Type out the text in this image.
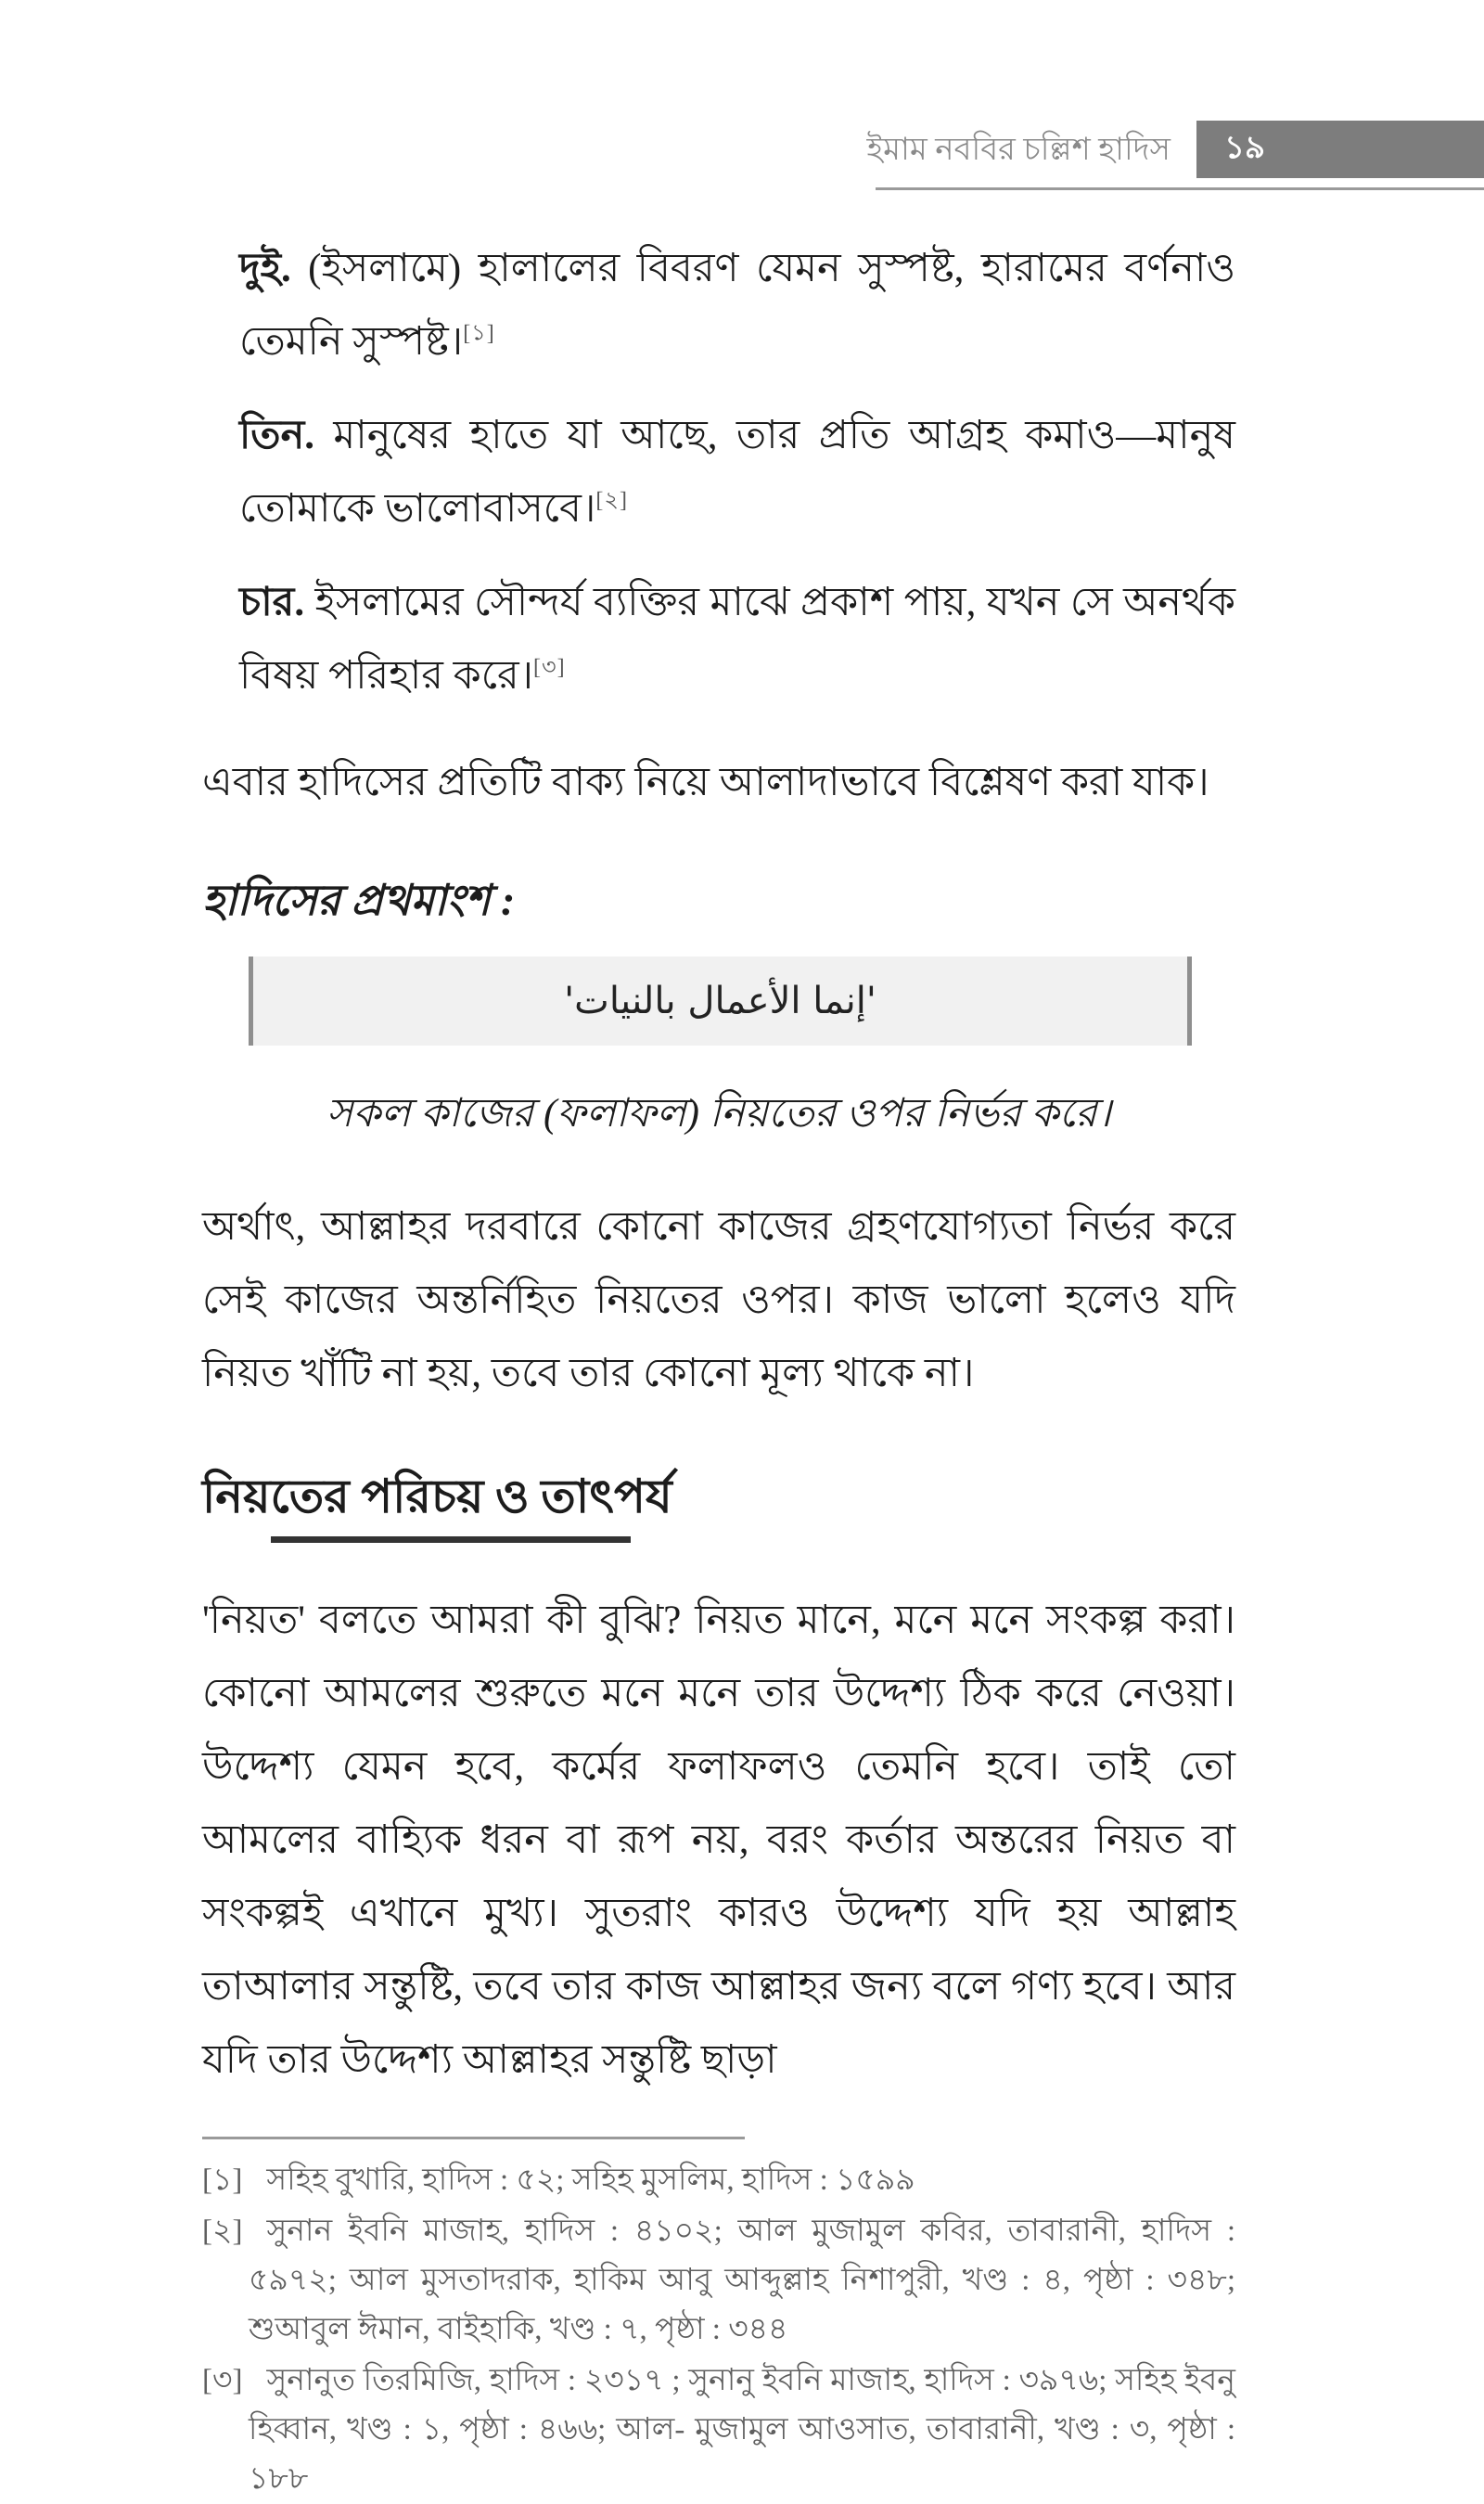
ইমাম নববির চল্লিশ হাদিস ১৯

দুই. (ইসলামে) হালালের বিবরণ যেমন সুস্পষ্ট, হারামের বর্ণনাও তেমনি সুস্পষ্ট।[১]

তিন. মানুষের হাতে যা আছে, তার প্রতি আগ্রহ কমাও—মানুষ তোমাকে ভালোবাসবে।[২]

চার. ইসলামের সৌন্দর্য ব্যক্তির মাঝে প্রকাশ পায়, যখন সে অনর্থক বিষয় পরিহার করে।[৩]

এবার হাদিসের প্রতিটি বাক্য নিয়ে আলাদাভাবে বিশ্লেষণ করা যাক।

হাদিসের প্রথমাংশ :
'إنما الأعمال بالنيات'

সকল কাজের (ফলাফল) নিয়তের ওপর নির্ভর করে।

অর্থাৎ, আল্লাহর দরবারে কোনো কাজের গ্রহণযোগ্যতা নির্ভর করে সেই কাজের অন্তর্নিহিত নিয়তের ওপর। কাজ ভালো হলেও যদি নিয়ত খাঁটি না হয়, তবে তার কোনো মূল্য থাকে না।

নিয়তের পরিচয় ও তাৎপর্য

'নিয়ত' বলতে আমরা কী বুঝি? নিয়ত মানে, মনে মনে সংকল্প করা। কোনো আমলের শুরুতে মনে মনে তার উদ্দেশ্য ঠিক করে নেওয়া। উদ্দেশ্য যেমন হবে, কর্মের ফলাফলও তেমনি হবে। তাই তো আমলের বাহ্যিক ধরন বা রূপ নয়, বরং কর্তার অন্তরের নিয়ত বা সংকল্পই এখানে মুখ্য। সুতরাং কারও উদ্দেশ্য যদি হয় আল্লাহ তাআলার সন্তুষ্টি, তবে তার কাজ আল্লাহর জন্য বলে গণ্য হবে। আর যদি তার উদ্দেশ্য আল্লাহর সন্তুষ্টি ছাড়া

[১] সহিহ বুখারি, হাদিস : ৫২; সহিহ মুসলিম, হাদিস : ১৫৯৯
[২] সুনান ইবনি মাজাহ, হাদিস : ৪১০২; আল মুজামুল কবির, তাবারানী, হাদিস : ৫৯৭২; আল মুসতাদরাক, হাকিম আবু আব্দুল্লাহ নিশাপুরী, খণ্ড : ৪, পৃষ্ঠা : ৩৪৮; শুআবুল ঈমান, বাইহাকি, খণ্ড : ৭, পৃষ্ঠা : ৩৪৪
[৩] সুনানুত তিরমিজি, হাদিস : ২৩১৭ ; সুনানু ইবনি মাজাহ, হাদিস : ৩৯৭৬; সহিহ ইবনু হিব্বান, খণ্ড : ১, পৃষ্ঠা : ৪৬৬; আল- মুজামুল আওসাত, তাবারানী, খণ্ড : ৩, পৃষ্ঠা : ১৮৮
